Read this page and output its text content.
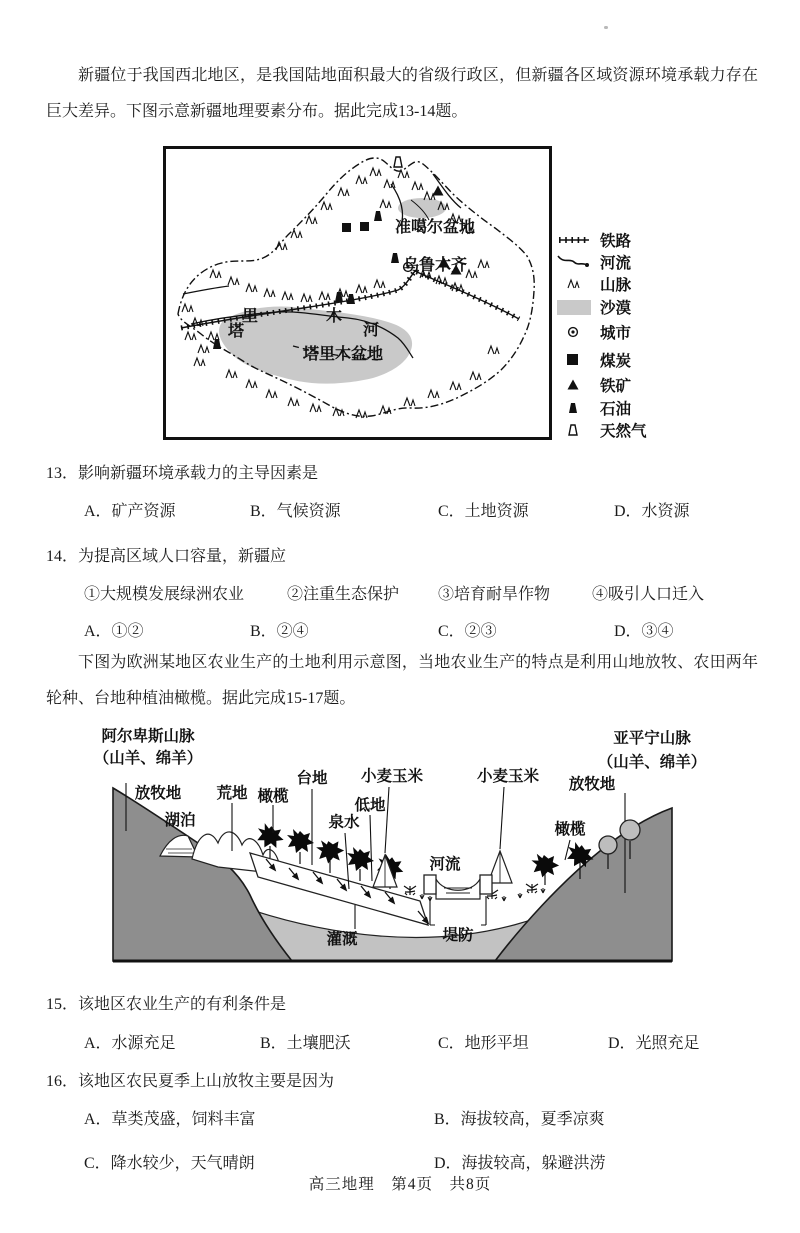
新疆位于我国西北地区，是我国陆地面积最大的省级行政区，但新疆各区域资源环境承载力存在巨大差异。下图示意新疆地理要素分布。据此完成13-14题。

准噶尔盆地
乌鲁木齐
塔里木盆地
塔
里	木
河
铁路
河流
山脉
沙漠
城市
煤炭
铁矿
石油
天然气
13．影响新疆环境承载力的主导因素是
A．矿产资源	B．气候资源	C．土地资源	D．水资源
14．为提高区域人口容量，新疆应
①大规模发展绿洲农业	②注重生态保护 ③培育耐旱作物	④吸引人口迁入
A．①②	B．②④	C．②③	D．③④

下图为欧洲某地区农业生产的土地利用示意图，当地农业生产的特点是利用山地放牧、农田两年轮种、台地种植油橄榄。据此完成15-17题。

阿尔卑斯山脉
（山羊、绵羊）
放牧地
湖泊
荒地 橄榄
台地
泉水
低地
小麦玉米	小麦玉米
河流
堤防
灌溉
橄榄
放牧地
亚平宁山脉
（山羊、绵羊）
15．该地区农业生产的有利条件是
A．水源充足	B．土壤肥沃	C．地形平坦	D．光照充足
16．该地区农民夏季上山放牧主要是因为
A．草类茂盛，饲料丰富	B．海拔较高，夏季凉爽
C．降水较少，天气晴朗	D．海拔较高，躲避洪涝
高三地理　第4页　共8页
